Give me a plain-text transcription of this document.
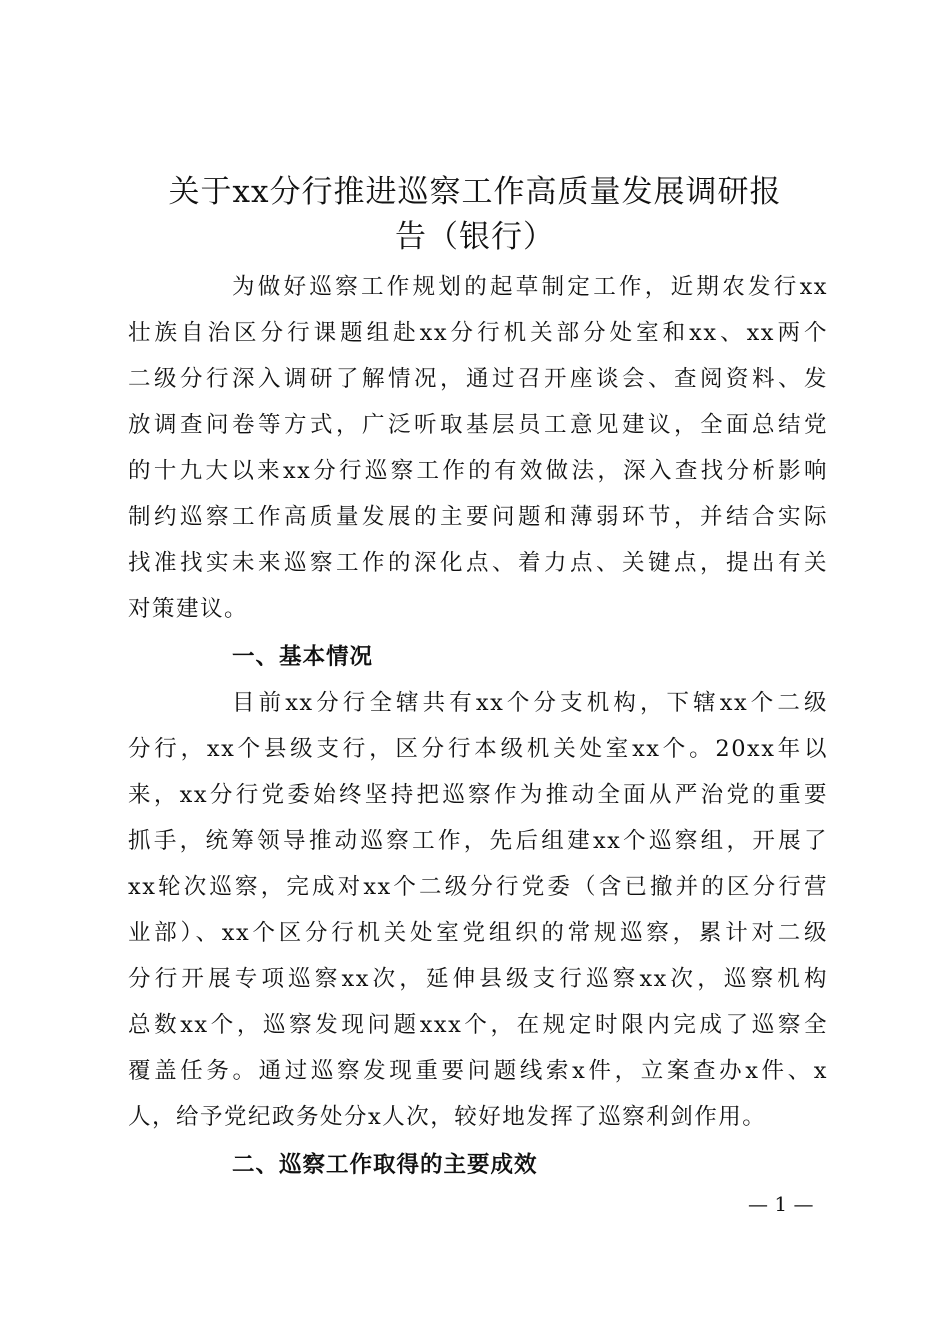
关于xx分行推进巡察工作高质量发展调研报
告（银行）
为做好巡察工作规划的起草制定工作，近期农发行xx
壮族自治区分行课题组赴xx分行机关部分处室和xx、xx两个
二级分行深入调研了解情况，通过召开座谈会、查阅资料、发
放调查问卷等方式，广泛听取基层员工意见建议，全面总结党
的十九大以来xx分行巡察工作的有效做法，深入查找分析影响
制约巡察工作高质量发展的主要问题和薄弱环节，并结合实际
找准找实未来巡察工作的深化点、着力点、关键点，提出有关
对策建议。
一、基本情况
目前xx分行全辖共有xx个分支机构，下辖xx个二级
分行，xx个县级支行，区分行本级机关处室xx个。20xx年以
来，xx分行党委始终坚持把巡察作为推动全面从严治党的重要
抓手，统筹领导推动巡察工作，先后组建xx个巡察组，开展了
xx轮次巡察，完成对xx个二级分行党委（含已撤并的区分行营
业部）、xx个区分行机关处室党组织的常规巡察，累计对二级
分行开展专项巡察xx次，延伸县级支行巡察xx次，巡察机构
总数xx个，巡察发现问题xxx个，在规定时限内完成了巡察全
覆盖任务。通过巡察发现重要问题线索x件，立案查办x件、x
人，给予党纪政务处分x人次，较好地发挥了巡察利剑作用。
二、巡察工作取得的主要成效
— 1 —
